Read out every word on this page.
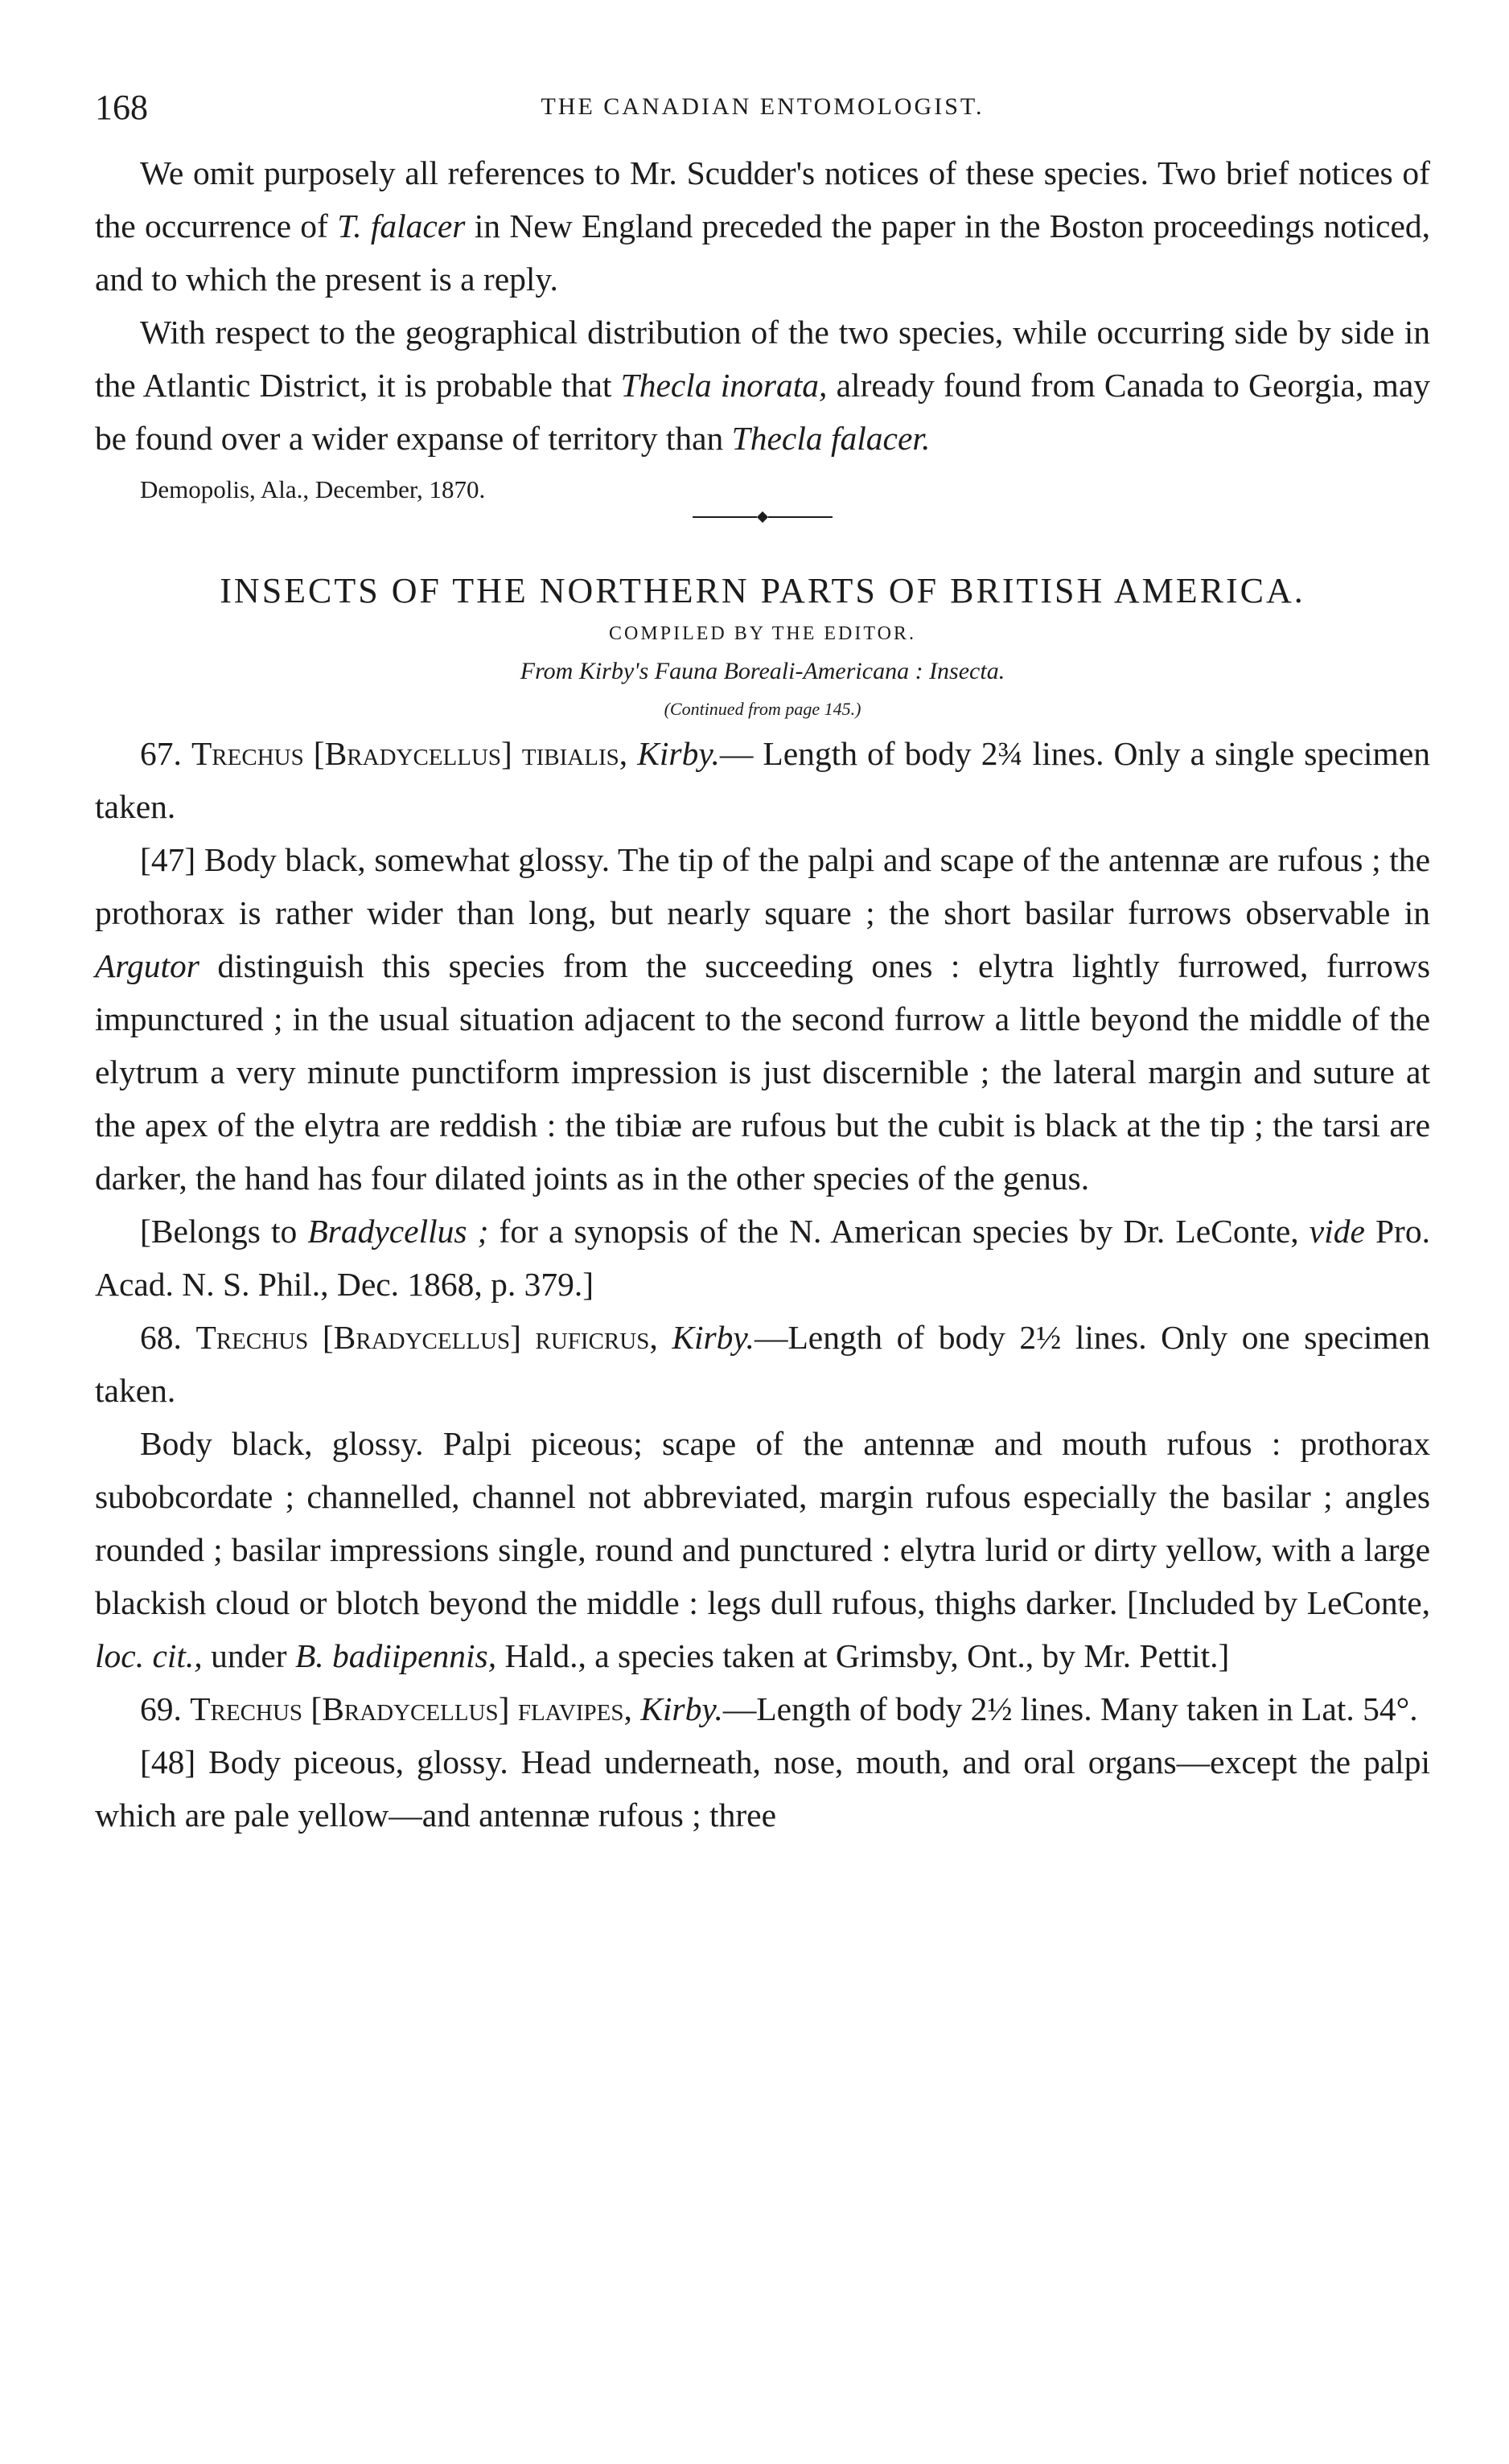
168	THE CANADIAN ENTOMOLOGIST.

We omit purposely all references to Mr. Scudder's notices of these species. Two brief notices of the occurrence of T. falacer in New England preceded the paper in the Boston proceedings noticed, and to which the present is a reply.

With respect to the geographical distribution of the two species, while occurring side by side in the Atlantic District, it is probable that Thecla inorata, already found from Canada to Georgia, may be found over a wider expanse of territory than Thecla falacer.

Demopolis, Ala., December, 1870.
INSECTS OF THE NORTHERN PARTS OF BRITISH AMERICA.
COMPILED BY THE EDITOR.
From Kirby's Fauna Boreali-Americana : Insecta.
(Continued from page 145.)

67. Trechus [Bradycellus] tibialis, Kirby.— Length of body 2¾ lines. Only a single specimen taken.

[47] Body black, somewhat glossy. The tip of the palpi and scape of the antennæ are rufous ; the prothorax is rather wider than long, but nearly square ; the short basilar furrows observable in Argutor distinguish this species from the succeeding ones : elytra lightly furrowed, furrows impunctured ; in the usual situation adjacent to the second furrow a little beyond the middle of the elytrum a very minute punctiform impression is just discernible ; the lateral margin and suture at the apex of the elytra are reddish : the tibiæ are rufous but the cubit is black at the tip ; the tarsi are darker, the hand has four dilated joints as in the other species of the genus.

[Belongs to Bradycellus ; for a synopsis of the N. American species by Dr. LeConte, vide Pro. Acad. N. S. Phil., Dec. 1868, p. 379.]

68. Trechus [Bradycellus] ruficrus, Kirby.—Length of body 2½ lines. Only one specimen taken.

Body black, glossy. Palpi piceous; scape of the antennæ and mouth rufous : prothorax subobcordate ; channelled, channel not abbreviated, margin rufous especially the basilar ; angles rounded ; basilar impressions single, round and punctured : elytra lurid or dirty yellow, with a large blackish cloud or blotch beyond the middle : legs dull rufous, thighs darker. [Included by LeConte, loc. cit., under B. badiipennis, Hald., a species taken at Grimsby, Ont., by Mr. Pettit.]

69. Trechus [Bradycellus] flavipes, Kirby.—Length of body 2½ lines. Many taken in Lat. 54°.

[48] Body piceous, glossy. Head underneath, nose, mouth, and oral organs—except the palpi which are pale yellow—and antennæ rufous ; three
